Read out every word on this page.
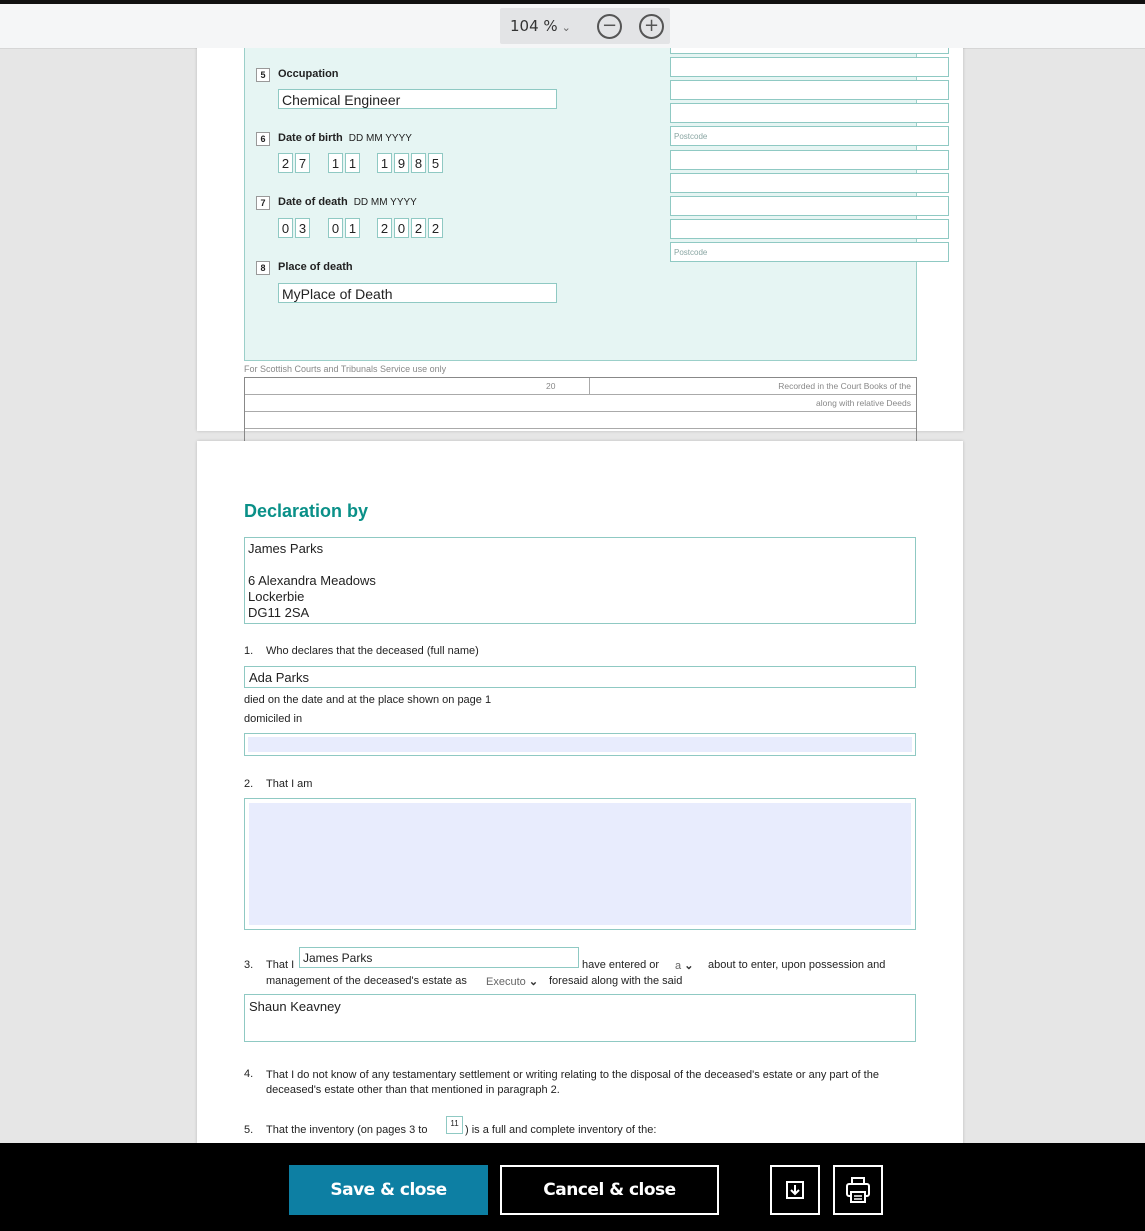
104 % ⌄ − +
5	Occupation
Chemical Engineer
6	Date of birth DD MM YYYY
2 7 1 1 1 9 8 5
7	Date of death DD MM YYYY
0 3 0 1 2 0 2 2
8	Place of death
MyPlace of Death
Postcode
Postcode
For Scottish Courts and Tribunals Service use only
20	Recorded in the Court Books of the
along with relative Deeds
Declaration by
James Parks

6 Alexandra Meadows
Lockerbie
DG11 2SA
1. Who declares that the deceased (full name)
Ada Parks
died on the date and at the place shown on page 1
domiciled in
2. That I am
3. That I James Parks	have entered or a ⌄ about to enter, upon possession and
management of the deceased's estate as Executo ⌄ foresaid along with the said
Shaun Keavney
4. That I do not know of any testamentary settlement or writing relating to the disposal of the deceased's estate or any part of the deceased's estate other than that mentioned in paragraph 2.
5. That the inventory (on pages 3 to
11
) is a full and complete inventory of the:
Save & close	Cancel & close
